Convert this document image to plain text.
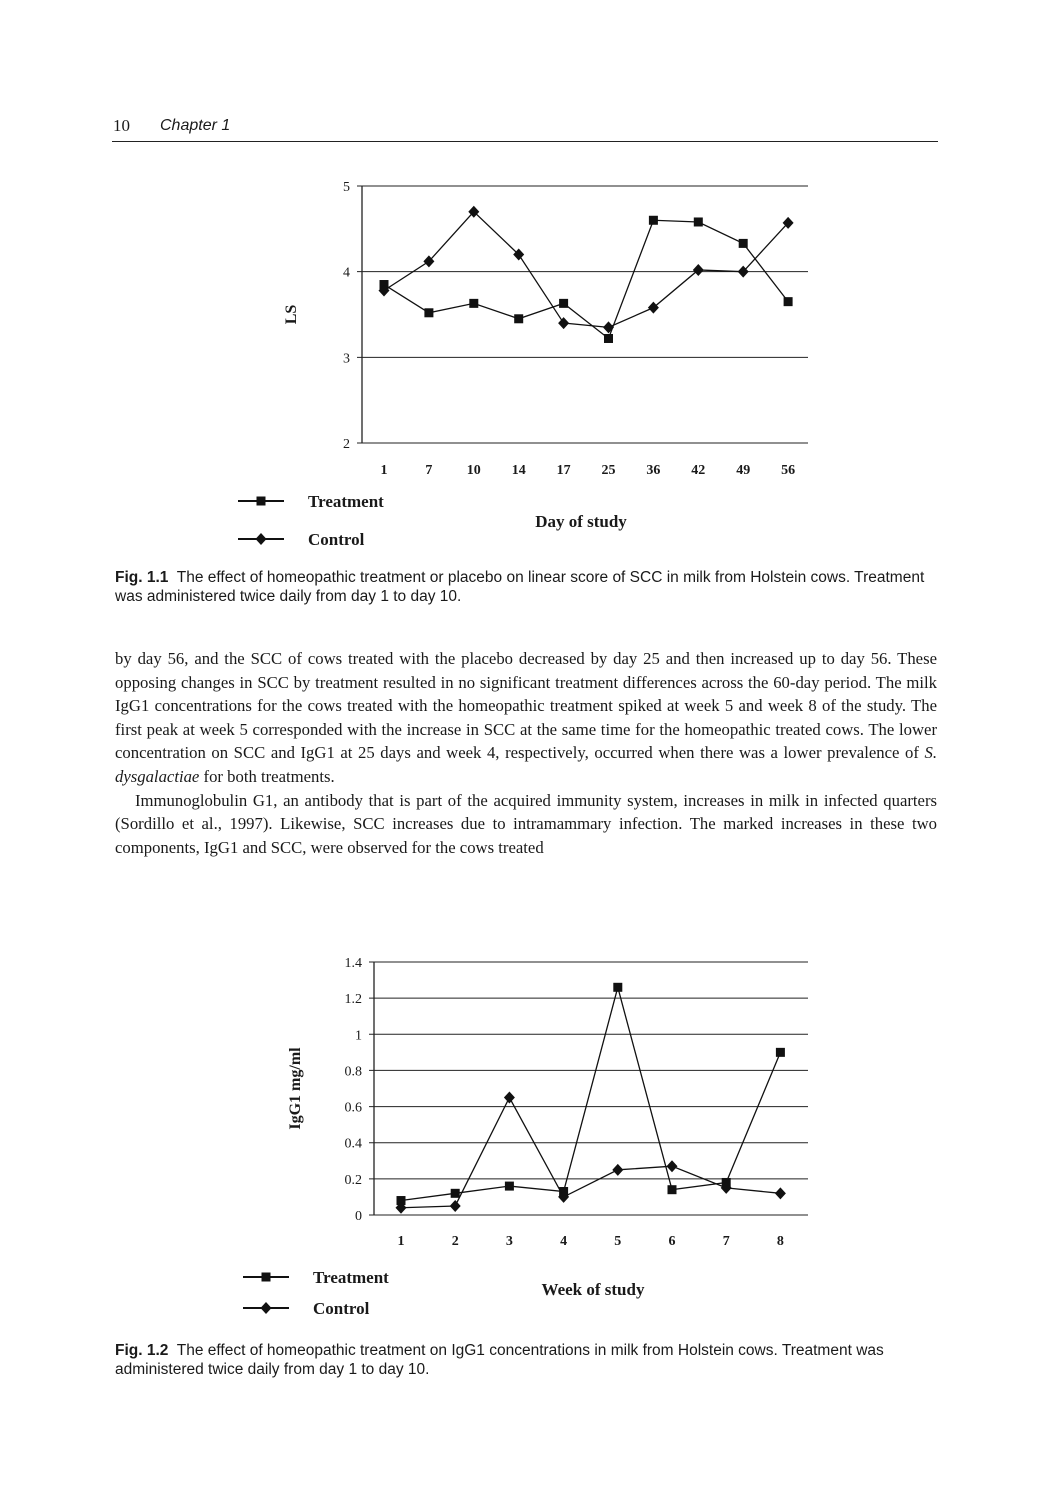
10 Chapter 1
2
3
4
5
1	7 10 14 17 25 36 42 49 56
LS
Day of study
Treatment
Control
Fig. 1.1 The effect of homeopathic treatment or placebo on linear score of SCC in milk from Holstein cows. Treatment was administered twice daily from day 1 to day 10.

by day 56, and the SCC of cows treated with the placebo decreased by day 25 and then increased up to day 56. These opposing changes in SCC by treatment resulted in no significant treatment differences across the 60-day period. The milk IgG1 concentrations for the cows treated with the homeopathic treatment spiked at week 5 and week 8 of the study. The first peak at week 5 corresponded with the increase in SCC at the same time for the homeopathic treated cows. The lower concentration on SCC and IgG1 at 25 days and week 4, respectively, occurred when there was a lower prevalence of S. dysgalactiae for both treatments.

Immunoglobulin G1, an antibody that is part of the acquired immunity system, increases in milk in infected quarters (Sordillo et al., 1997). Likewise, SCC increases due to intramammary infection. The marked increases in these two components, IgG1 and SCC, were observed for the cows treated

0
0.2
0.4
0.6
0.8
1
1.2
1.4
1	2	3	4	5	6	7	8
IgG1 mg/ml
Week of study
Treatment
Control
Fig. 1.2 The effect of homeopathic treatment on IgG1 concentrations in milk from Holstein cows. Treatment was administered twice daily from day 1 to day 10.
